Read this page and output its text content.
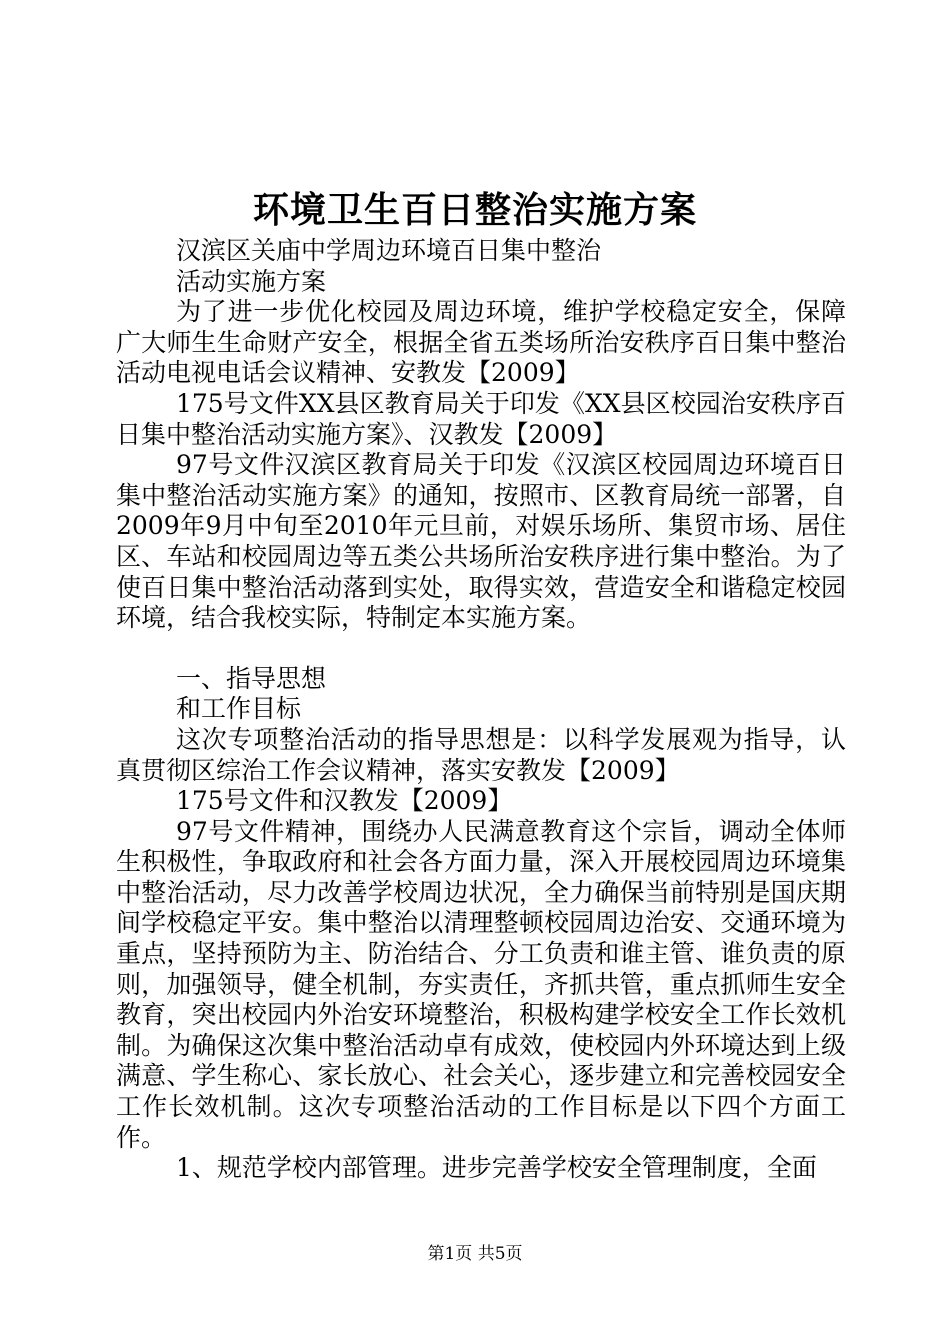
环境卫生百日整治实施方案

汉滨区关庙中学周边环境百日集中整治

活动实施方案

为了进一步优化校园及周边环境，维护学校稳定安全，保障广大师生生命财产安全，根据全省五类场所治安秩序百日集中整治活动电视电话会议精神、安教发【2009】

175号文件XX县区教育局关于印发《XX县区校园治安秩序百日集中整治活动实施方案》、汉教发【2009】

97号文件汉滨区教育局关于印发《汉滨区校园周边环境百日集中整治活动实施方案》的通知，按照市、区教育局统一部署，自2009年9月中旬至2010年元旦前，对娱乐场所、集贸市场、居住区、车站和校园周边等五类公共场所治安秩序进行集中整治。为了使百日集中整治活动落到实处，取得实效，营造安全和谐稳定校园环境，结合我校实际，特制定本实施方案。

一、指导思想

和工作目标

这次专项整治活动的指导思想是：以科学发展观为指导，认真贯彻区综治工作会议精神，落实安教发【2009】

175号文件和汉教发【2009】

97号文件精神，围绕办人民满意教育这个宗旨，调动全体师生积极性，争取政府和社会各方面力量，深入开展校园周边环境集中整治活动，尽力改善学校周边状况，全力确保当前特别是国庆期间学校稳定平安。集中整治以清理整顿校园周边治安、交通环境为重点，坚持预防为主、防治结合、分工负责和谁主管、谁负责的原则，加强领导，健全机制，夯实责任，齐抓共管，重点抓师生安全教育，突出校园内外治安环境整治，积极构建学校安全工作长效机制。为确保这次集中整治活动卓有成效，使校园内外环境达到上级满意、学生称心、家长放心、社会关心，逐步建立和完善校园安全工作长效机制。这次专项整治活动的工作目标是以下四个方面工作。

1、规范学校内部管理。进步完善学校安全管理制度，全面

第1页 共5页
